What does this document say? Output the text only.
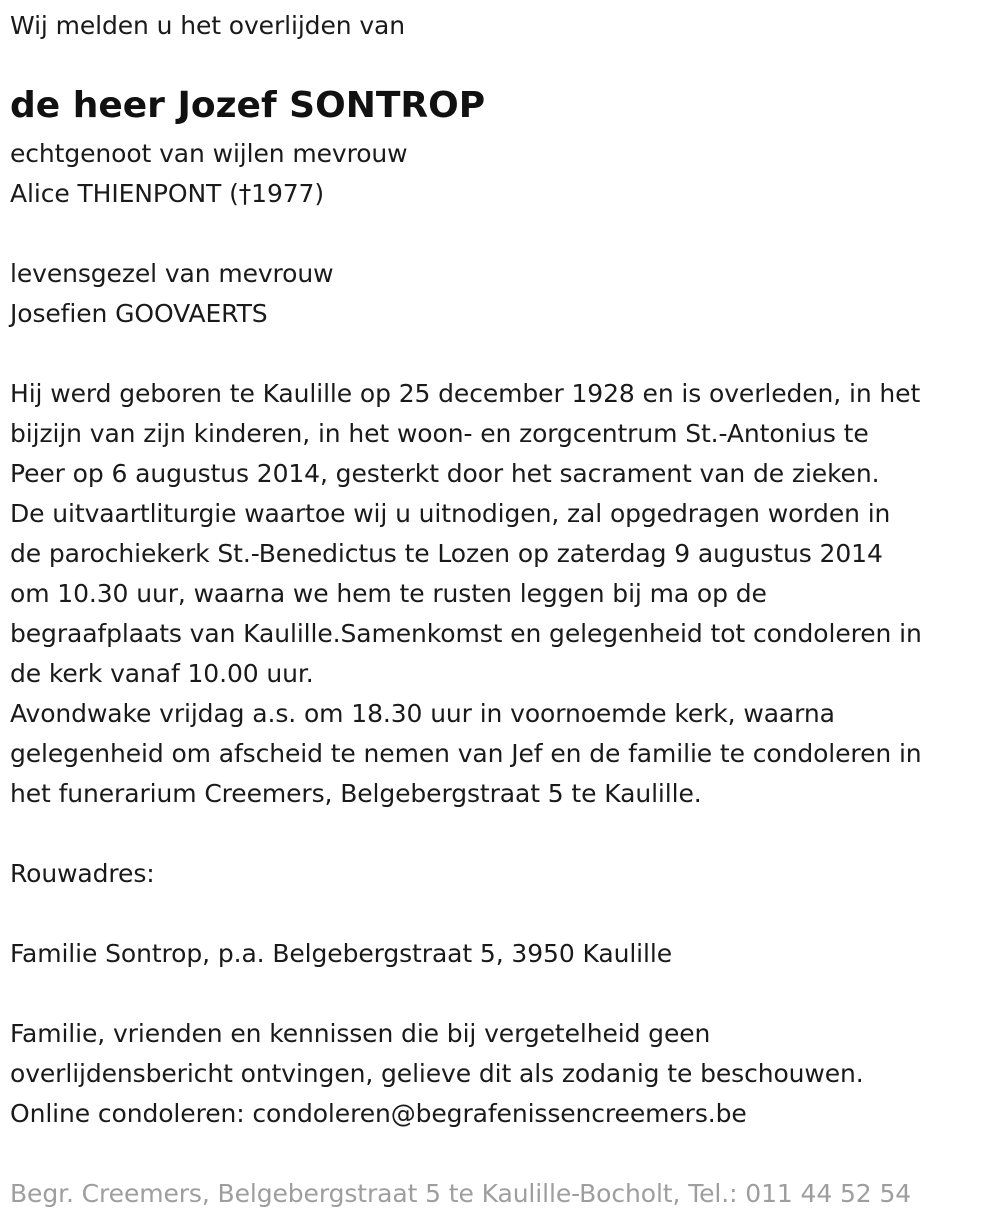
Wij melden u het overlijden van
de heer Jozef SONTROP
echtgenoot van wijlen mevrouw
Alice THIENPONT (†1977)
levensgezel van mevrouw
Josefien GOOVAERTS
Hij werd geboren te Kaulille op 25 december 1928 en is overleden, in het
bijzijn van zijn kinderen, in het woon- en zorgcentrum St.-Antonius te
Peer op 6 augustus 2014, gesterkt door het sacrament van de zieken.
De uitvaartliturgie waartoe wij u uitnodigen, zal opgedragen worden in
de parochiekerk St.-Benedictus te Lozen op zaterdag 9 augustus 2014
om 10.30 uur, waarna we hem te rusten leggen bij ma op de
begraafplaats van Kaulille.Samenkomst en gelegenheid tot condoleren in
de kerk vanaf 10.00 uur.
Avondwake vrijdag a.s. om 18.30 uur in voornoemde kerk, waarna
gelegenheid om afscheid te nemen van Jef en de familie te condoleren in
het funerarium Creemers, Belgebergstraat 5 te Kaulille.
Rouwadres:
Familie Sontrop, p.a. Belgebergstraat 5, 3950 Kaulille
Familie, vrienden en kennissen die bij vergetelheid geen
overlijdensbericht ontvingen, gelieve dit als zodanig te beschouwen.
Online condoleren: condoleren@begrafenissencreemers.be
Begr. Creemers, Belgebergstraat 5 te Kaulille-Bocholt, Tel.: 011 44 52 54
